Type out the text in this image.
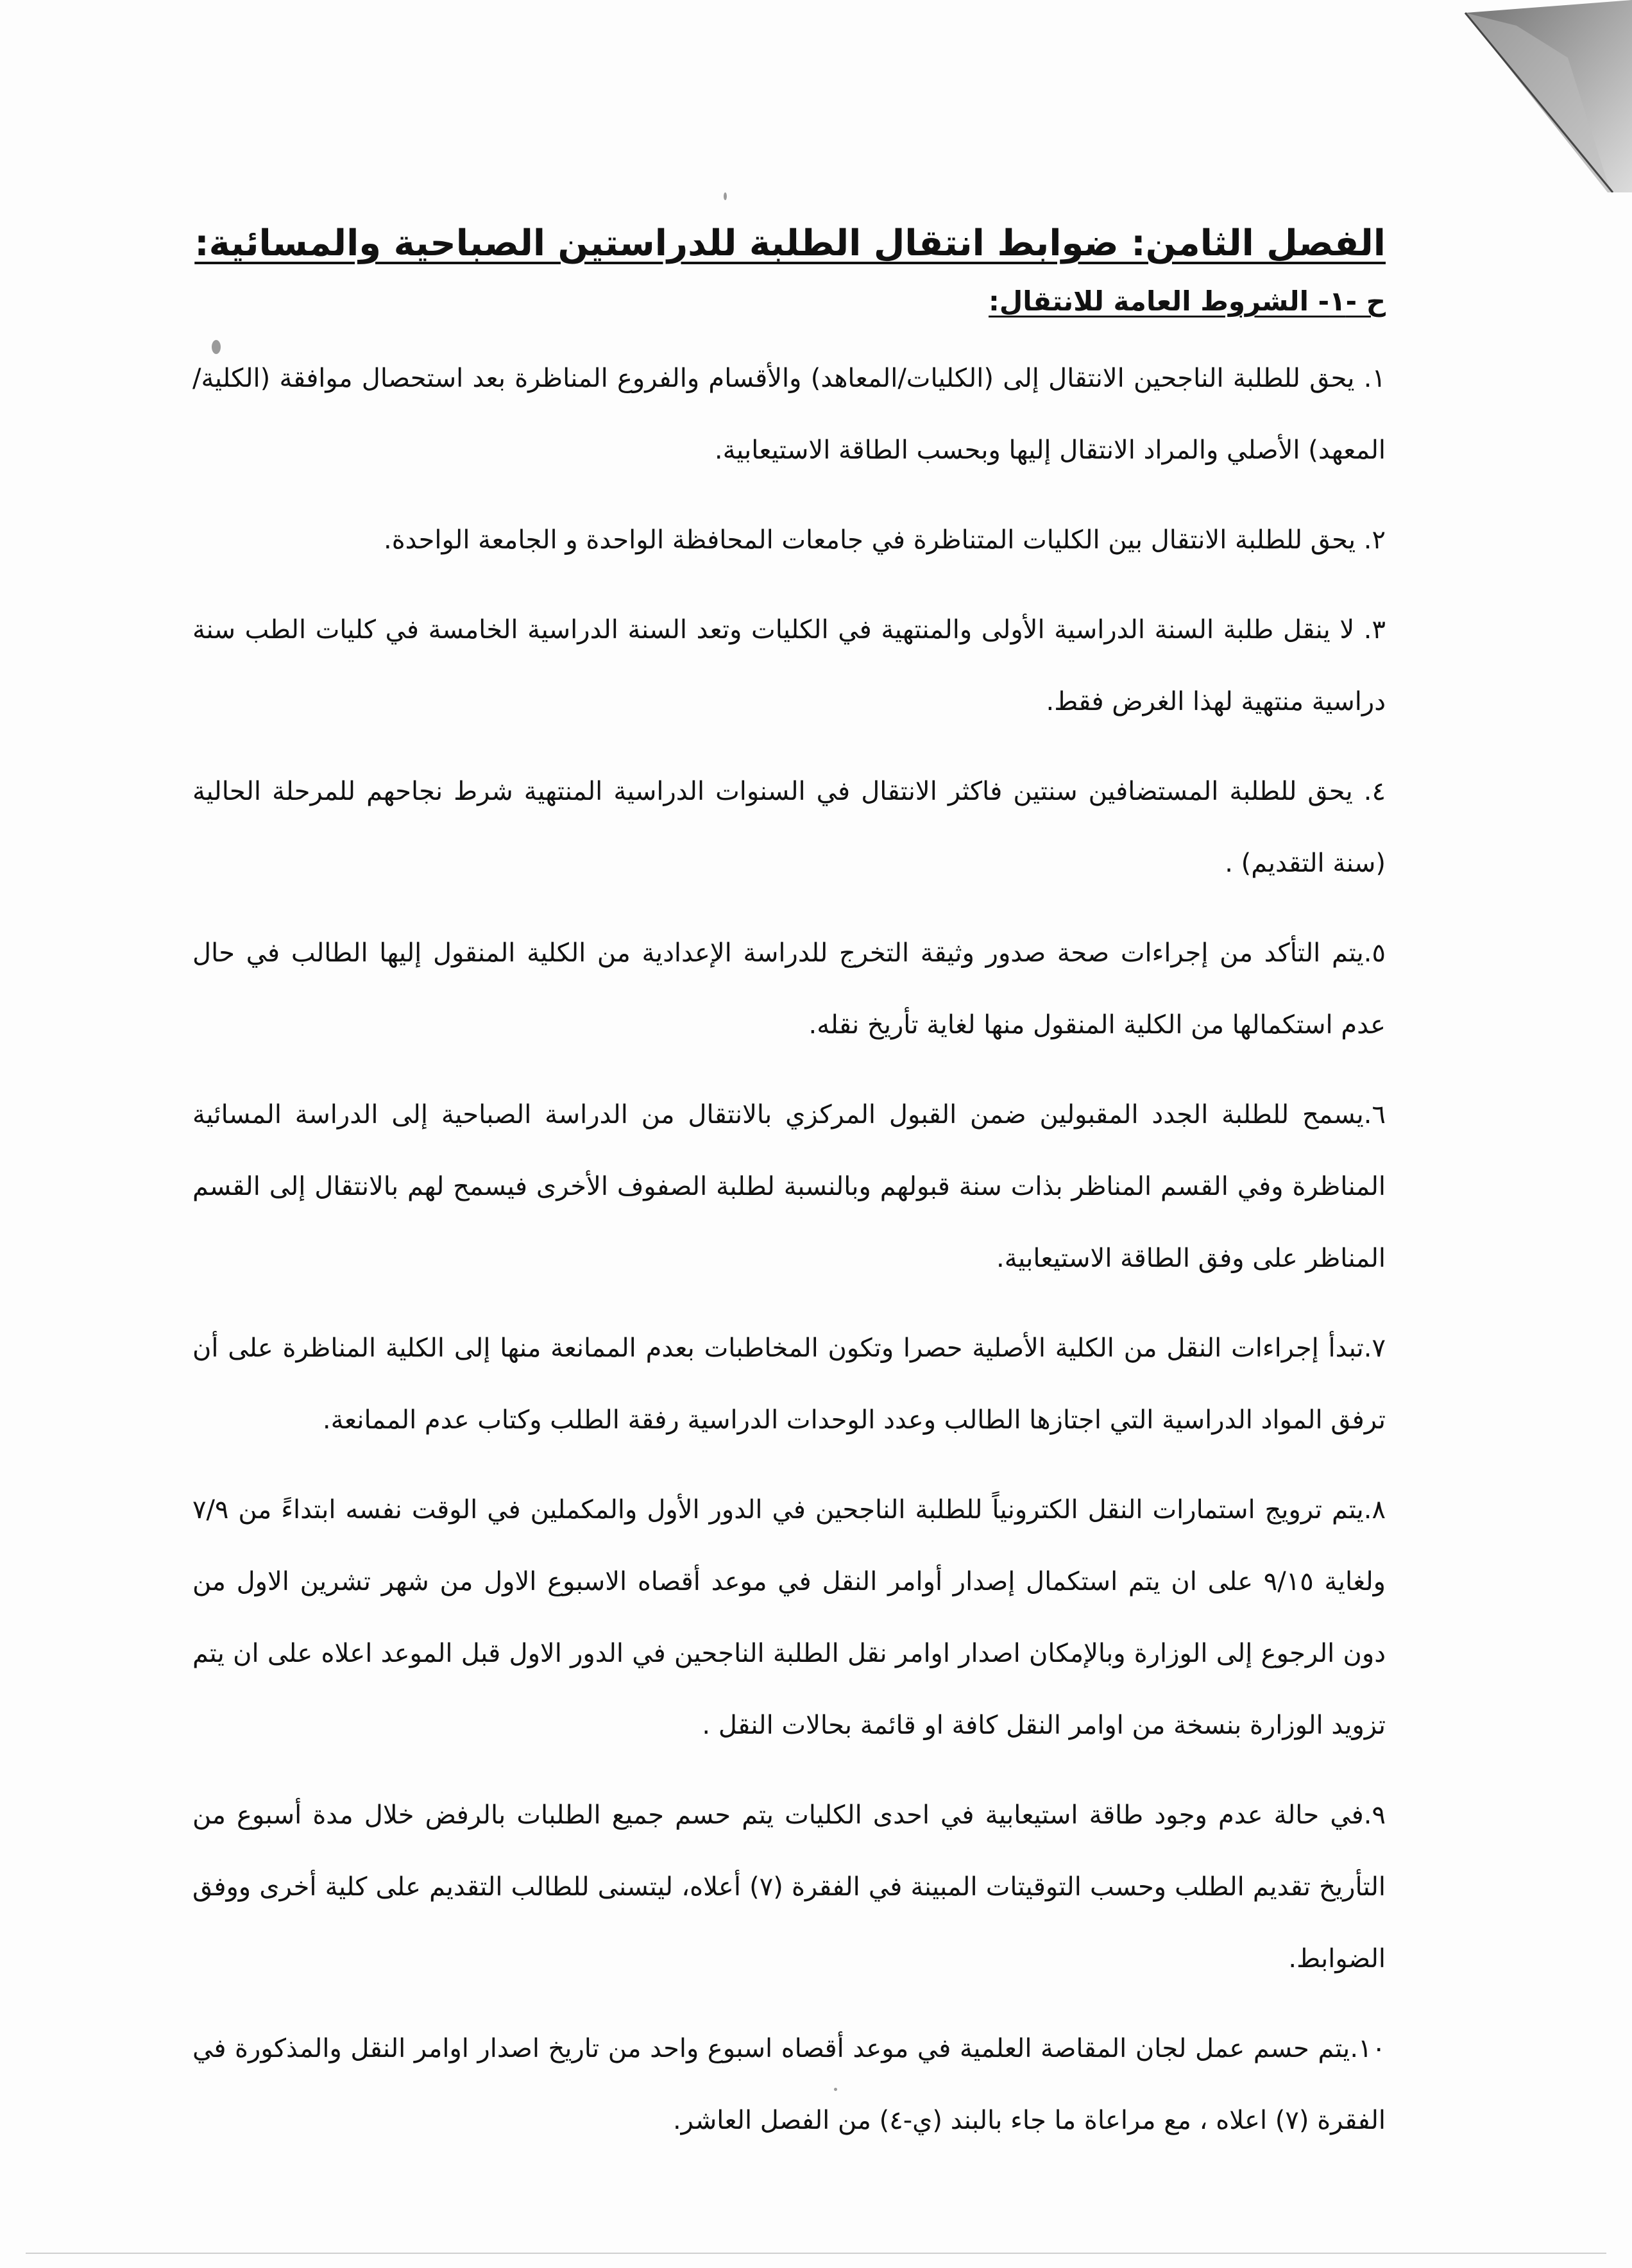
الفصل الثامن: ضوابط انتقال الطلبة للدراستين الصباحية والمسائية:
ح -١- الشروط العامة للانتقال:

١. يحق للطلبة الناجحين الانتقال إلى (الكليات/المعاهد) والأقسام والفروع المناظرة بعد استحصال موافقة (الكلية/المعهد) الأصلي والمراد الانتقال إليها وبحسب الطاقة الاستيعابية.

٢. يحق للطلبة الانتقال بين الكليات المتناظرة في جامعات المحافظة الواحدة و الجامعة الواحدة.

٣. لا ينقل طلبة السنة الدراسية الأولى والمنتهية في الكليات وتعد السنة الدراسية الخامسة في كليات الطب سنة دراسية منتهية لهذا الغرض فقط.

٤. يحق للطلبة المستضافين سنتين فاكثر الانتقال في السنوات الدراسية المنتهية شرط نجاحهم للمرحلة الحالية (سنة التقديم) .

٥.يتم التأكد من إجراءات صحة صدور وثيقة التخرج للدراسة الإعدادية من الكلية المنقول إليها الطالب في حال عدم استكمالها من الكلية المنقول منها لغاية تأريخ نقله.

٦.يسمح للطلبة الجدد المقبولين ضمن القبول المركزي بالانتقال من الدراسة الصباحية إلى الدراسة المسائية المناظرة وفي القسم المناظر بذات سنة قبولهم وبالنسبة لطلبة الصفوف الأخرى فيسمح لهم بالانتقال إلى القسم المناظر على وفق الطاقة الاستيعابية.

٧.تبدأ إجراءات النقل من الكلية الأصلية حصرا وتكون المخاطبات بعدم الممانعة منها إلى الكلية المناظرة على أن ترفق المواد الدراسية التي اجتازها الطالب وعدد الوحدات الدراسية رفقة الطلب وكتاب عدم الممانعة.

٨.يتم ترويج استمارات النقل الكترونياً للطلبة الناجحين في الدور الأول والمكملين في الوقت نفسه ابتداءً من ٧/٩ ولغاية ٩/١٥ على ان يتم استكمال إصدار أوامر النقل في موعد أقصاه الاسبوع الاول من شهر تشرين الاول من دون الرجوع إلى الوزارة وبالإمكان اصدار اوامر نقل الطلبة الناجحين في الدور الاول قبل الموعد اعلاه على ان يتم تزويد الوزارة بنسخة من اوامر النقل كافة او قائمة بحالات النقل .

٩.في حالة عدم وجود طاقة استيعابية في احدى الكليات يتم حسم جميع الطلبات بالرفض خلال مدة أسبوع من التأريخ تقديم الطلب وحسب التوقيتات المبينة في الفقرة (٧) أعلاه، ليتسنى للطالب التقديم على كلية أخرى ووفق الضوابط.

١٠.يتم حسم عمل لجان المقاصة العلمية في موعد أقصاه اسبوع واحد من تاريخ اصدار اوامر النقل والمذكورة في الفقرة (٧) اعلاه ، مع مراعاة ما جاء بالبند (ي-٤) من الفصل العاشر.
